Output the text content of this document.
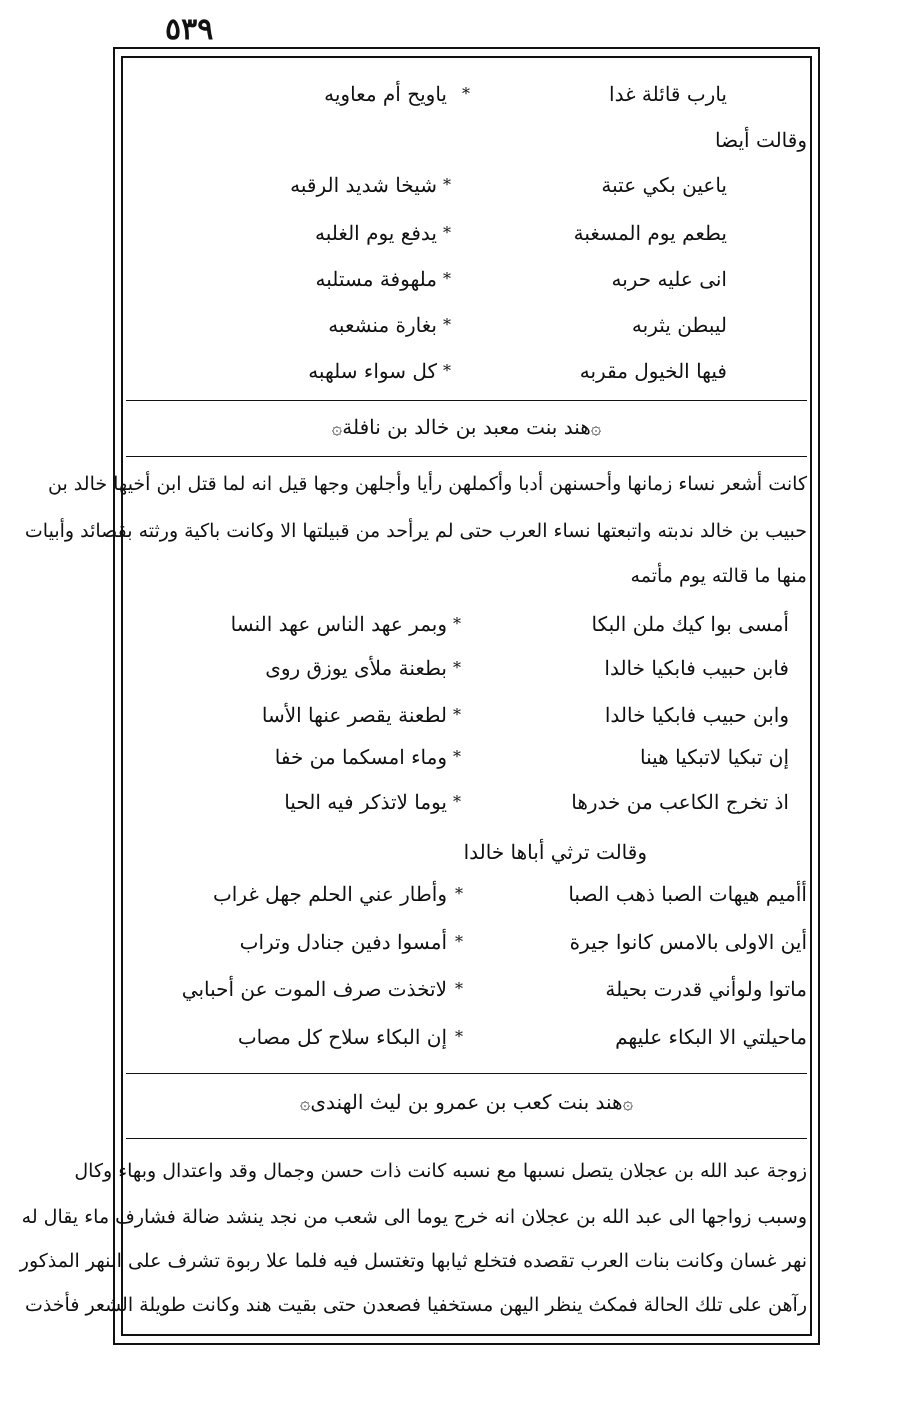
٥٣٩
يارب قائلة غدا
*
ياويح أم معاويه
وقالت أيضا
ياعين بكي عتبة
*
شيخا شديد الرقبه
يطعم يوم المسغبة
*
يدفع يوم الغلبه
انى عليه حربه
*
ملهوفة مستلبه
ليبطن يثربه
*
بغارة منشعبه
فيها الخيول مقربه
*
كل سواء سلهبه
۞هند بنت معبد بن خالد بن نافلة۞
كانت أشعر نساء زمانها وأحسنهن أدبا وأكملهن رأيا وأجلهن وجها قيل انه لما قتل ابن أخيها خالد بن
حبيب بن خالد ندبته واتبعتها نساء العرب حتى لم يرأحد من قبيلتها الا وكانت باكية ورثته بقصائد وأبيات
منها ما قالته يوم مأتمه
أمسى بوا كيك ملن البكا
*
وبمر عهد الناس عهد النسا
فابن حبيب فابكيا خالدا
*
بطعنة ملأى يوزق روى
وابن حبيب فابكيا خالدا
*
لطعنة يقصر عنها الأسا
إن تبكيا لاتبكيا هينا
*
وماء امسكما من خفا
اذ تخرج الكاعب من خدرها
*
يوما لاتذكر فيه الحيا
وقالت ترثي أباها خالدا
أأميم هيهات الصبا ذهب الصبا
*
وأطار عني الحلم جهل غراب
أين الاولى بالامس كانوا جيرة
*
أمسوا دفين جنادل وتراب
ماتوا ولوأني قدرت بحيلة
*
لاتخذت صرف الموت عن أحبابي
ماحيلتي الا البكاء عليهم
*
إن البكاء سلاح كل مصاب
۞هند بنت كعب بن عمرو بن ليث الهندى۞
زوجة عبد الله بن عجلان يتصل نسبها مع نسبه كانت ذات حسن وجمال وقد واعتدال وبهاء وكال
وسبب زواجها الى عبد الله بن عجلان انه خرج يوما الى شعب من نجد ينشد ضالة فشارف ماء يقال له
نهر غسان وكانت بنات العرب تقصده فتخلع ثيابها وتغتسل فيه فلما علا ربوة تشرف على النهر المذكور
رآهن على تلك الحالة فمكث ينظر اليهن مستخفيا فصعدن حتى بقيت هند وكانت طويلة الشعر فأخذت
